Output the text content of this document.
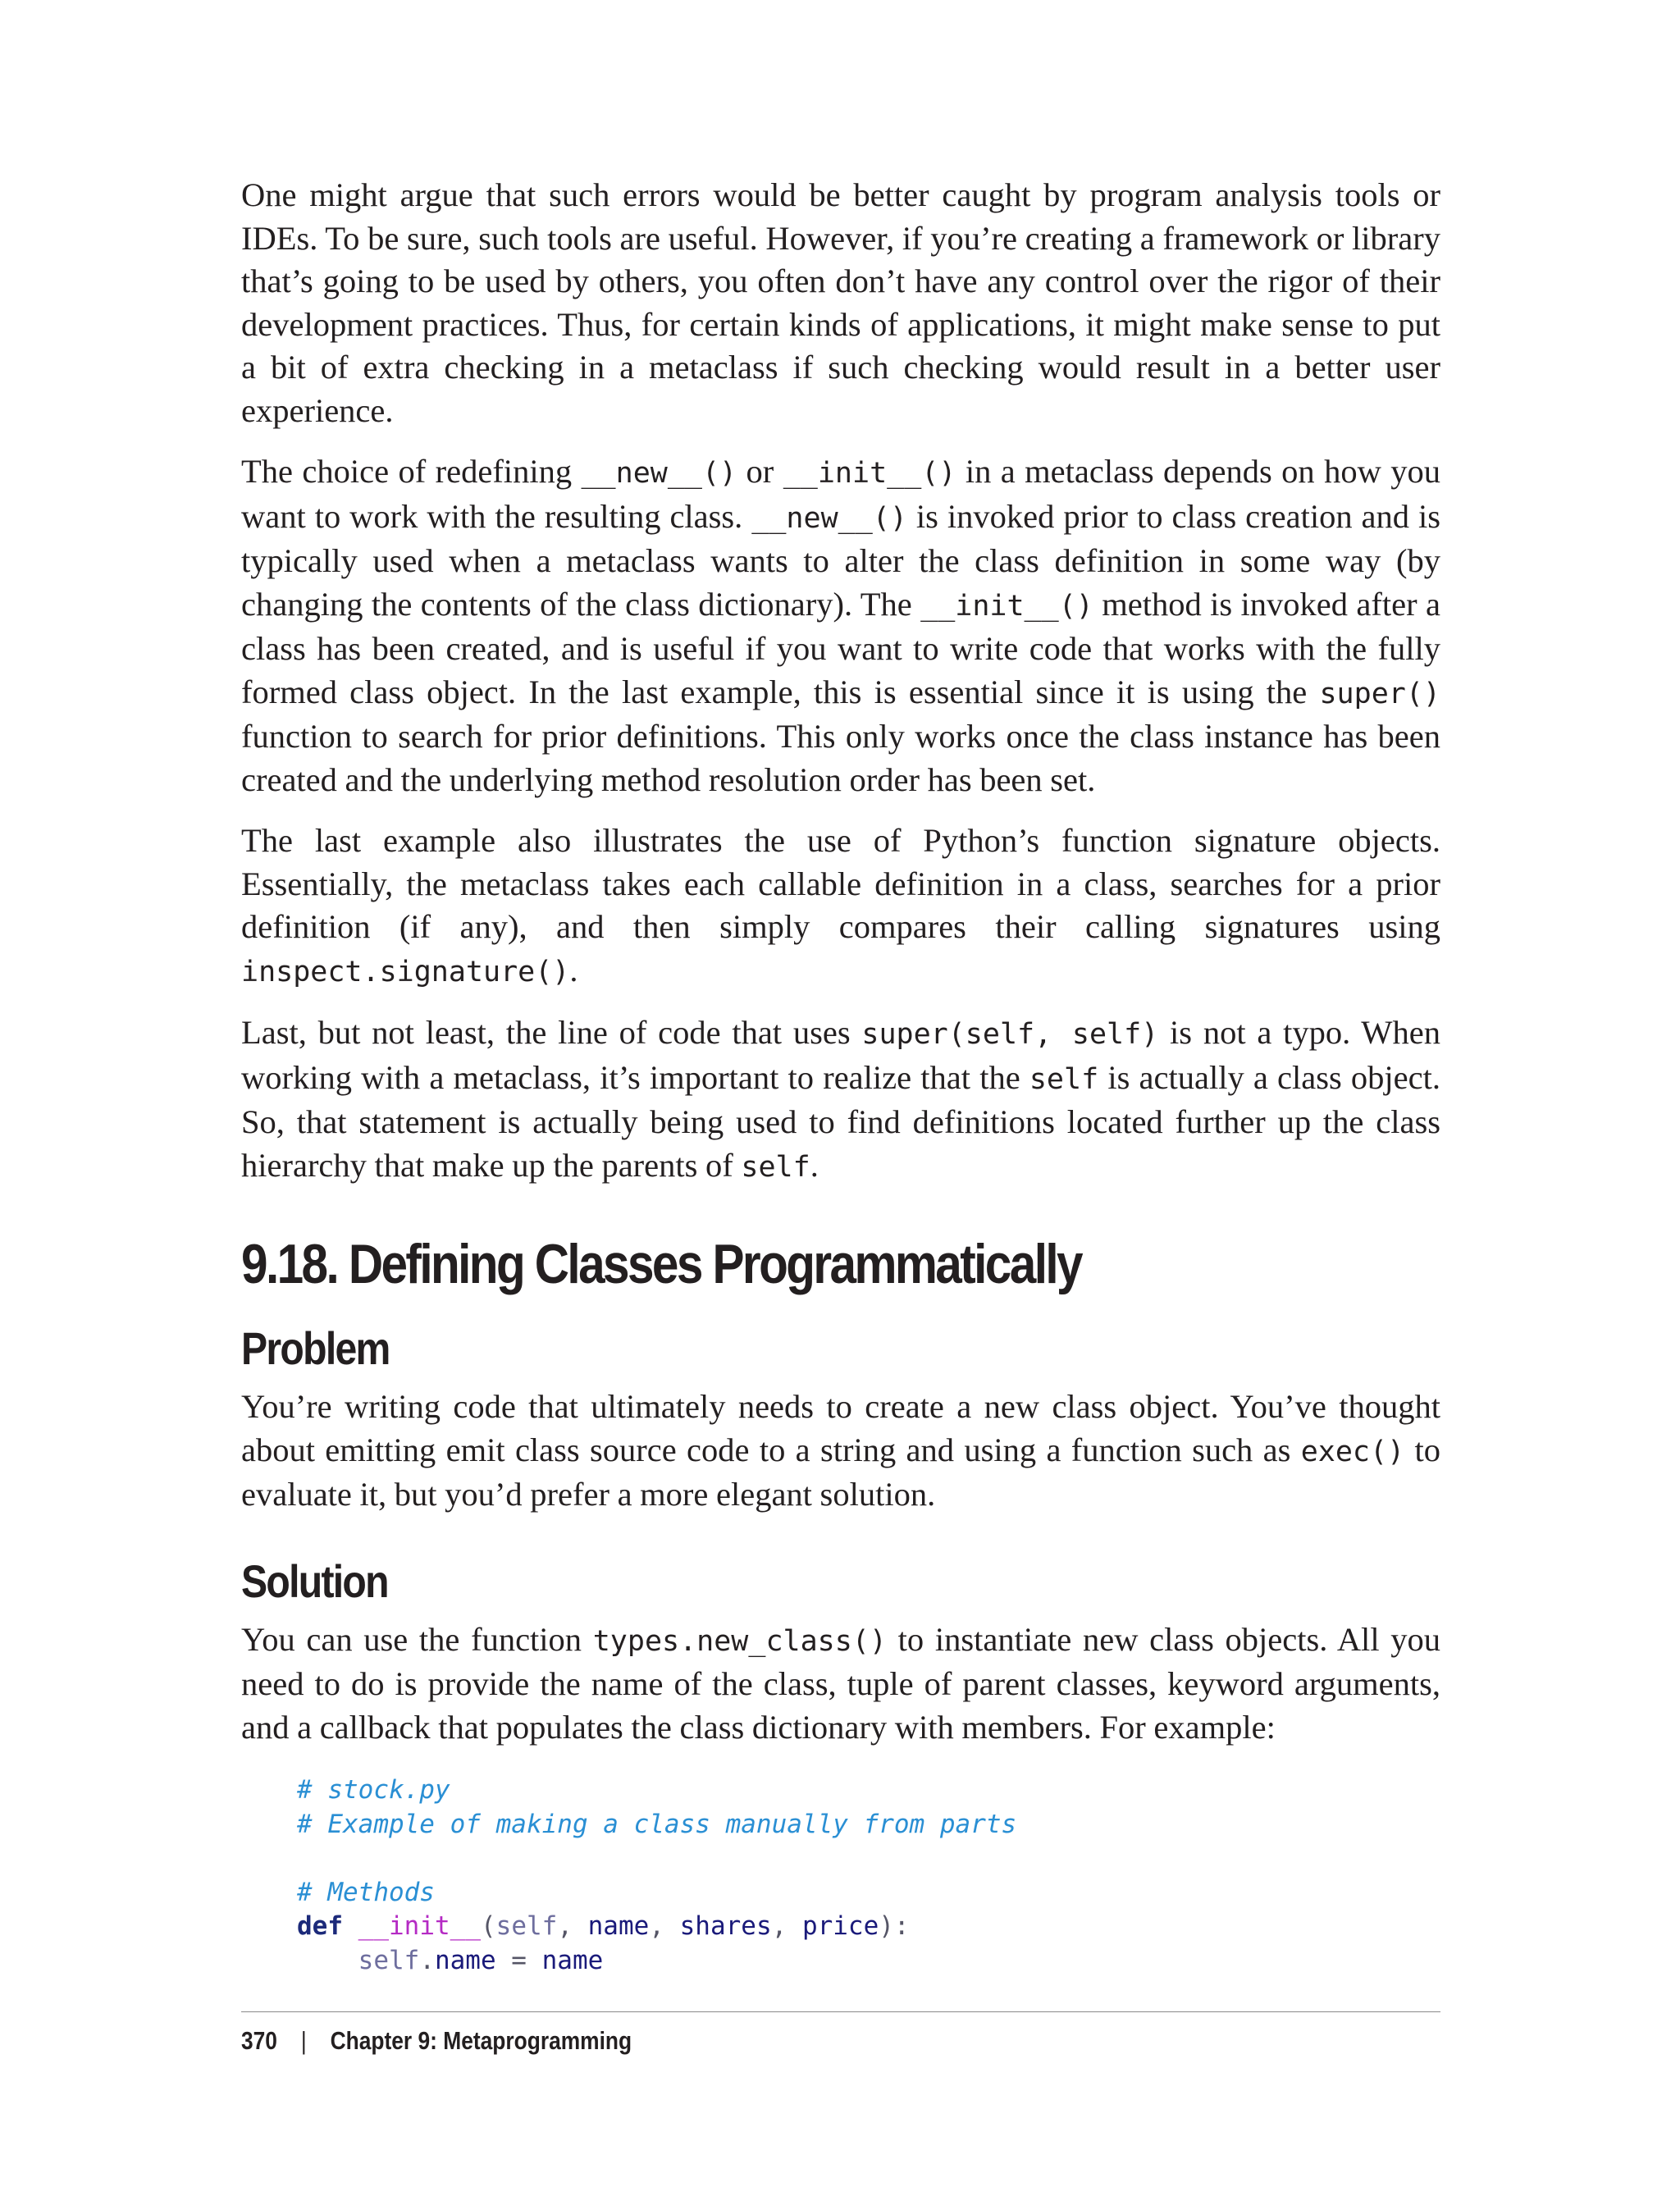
One might argue that such errors would be better caught by program analysis tools or IDEs. To be sure, such tools are useful. However, if you’re creating a framework or library that’s going to be used by others, you often don’t have any control over the rigor of their development practices. Thus, for certain kinds of applications, it might make sense to put a bit of extra checking in a metaclass if such checking would result in a better user experience.

The choice of redefining __new__() or __init__() in a metaclass depends on how you want to work with the resulting class. __new__() is invoked prior to class creation and is typically used when a metaclass wants to alter the class definition in some way (by changing the contents of the class dictionary). The __init__() method is invoked after a class has been created, and is useful if you want to write code that works with the fully formed class object. In the last example, this is essential since it is using the super() function to search for prior definitions. This only works once the class instance has been created and the underlying method resolution order has been set.

The last example also illustrates the use of Python’s function signature objects. Essentially, the metaclass takes each callable definition in a class, searches for a prior definition (if any), and then simply compares their calling signatures using inspect.signature().

Last, but not least, the line of code that uses super(self, self) is not a typo. When working with a metaclass, it’s important to realize that the self is actually a class object. So, that statement is actually being used to find definitions located further up the class hierarchy that make up the parents of self.

9.18. Defining Classes Programmatically
Problem

You’re writing code that ultimately needs to create a new class object. You’ve thought about emitting emit class source code to a string and using a function such as exec() to evaluate it, but you’d prefer a more elegant solution.

Solution

You can use the function types.new_class() to instantiate new class objects. All you need to do is provide the name of the class, tuple of parent classes, keyword arguments, and a callback that populates the class dictionary with members. For example:

# stock.py
# Example of making a class manually from parts

# Methods
def __init__(self, name, shares, price):
self.name = name
370 | Chapter 9: Metaprogramming
